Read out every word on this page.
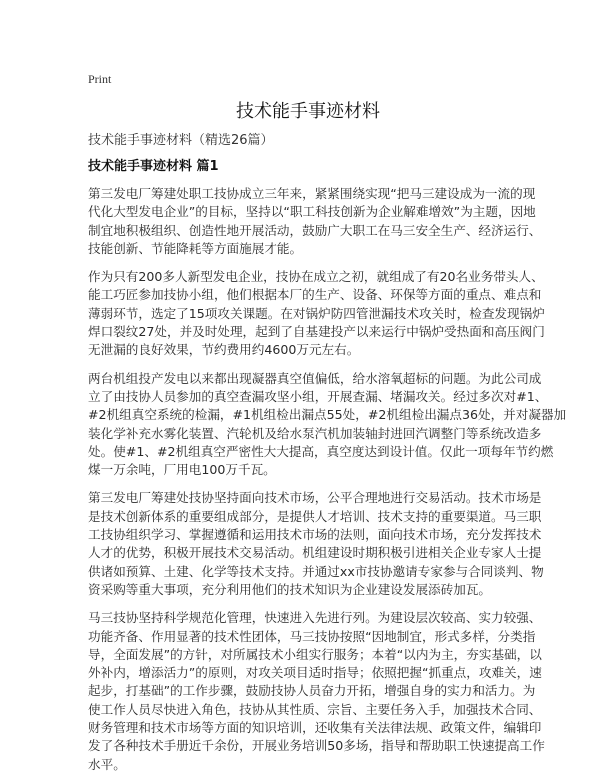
Print
技术能手事迹材料
技术能手事迹材料（精选26篇）
技术能手事迹材料 篇1
第三发电厂筹建处职工技协成立三年来，紧紧围绕实现“把马三建设成为一流的现
代化大型发电企业”的目标，坚持以“职工科技创新为企业解难增效”为主题，因地
制宜地积极组织、创造性地开展活动，鼓励广大职工在马三安全生产、经济运行、
技能创新、节能降耗等方面施展才能。
作为只有200多人新型发电企业，技协在成立之初，就组成了有20名业务带头人、
能工巧匠参加技协小组，他们根据本厂的生产、设备、环保等方面的重点、难点和
薄弱环节，选定了15项攻关课题。在对锅炉防四管泄漏技术攻关时，检查发现锅炉
焊口裂纹27处，并及时处理，起到了自基建投产以来运行中锅炉受热面和高压阀门
无泄漏的良好效果，节约费用约4600万元左右。
两台机组投产发电以来都出现凝器真空值偏低，给水溶氧超标的问题。为此公司成
立了由技协人员参加的真空查漏攻坚小组，开展查漏、堵漏攻关。经过多次对#1、
#2机组真空系统的检漏，#1机组检出漏点55处，#2机组检出漏点36处，并对凝器加
装化学补充水雾化装置、汽轮机及给水泵汽机加装轴封进回汽调整门等系统改造多
处。使#1、#2机组真空严密性大大提高，真空度达到设计值。仅此一项每年节约燃
煤一万余吨，厂用电100万千瓦。
第三发电厂筹建处技协坚持面向技术市场，公平合理地进行交易活动。技术市场是
是技术创新体系的重要组成部分，是提供人才培训、技术支持的重要渠道。马三职
工技协组织学习、掌握遵循和运用技术市场的法则，面向技术市场，充分发挥技术
人才的优势，积极开展技术交易活动。机组建设时期积极引进相关企业专家人士提
供诸如预算、土建、化学等技术支持。并通过xx市技协邀请专家参与合同谈判、物
资采购等重大事项，充分利用他们的技术知识为企业建设发展添砖加瓦。
马三技协坚持科学规范化管理，快速进入先进行列。为建设层次较高、实力较强、
功能齐备、作用显著的技术性团体，马三技协按照“因地制宜，形式多样，分类指
导，全面发展”的方针，对所属技术小组实行服务；本着“以内为主，夯实基础，以
外补内，增添活力”的原则，对攻关项目适时指导；依照把握“抓重点，攻难关，速
起步，打基础”的工作步骤，鼓励技协人员奋力开拓，增强自身的实力和活力。为
使工作人员尽快进入角色，技协从其性质、宗旨、主要任务入手，加强技术合同、
财务管理和技术市场等方面的知识培训，还收集有关法律法规、政策文件，编辑印
发了各种技术手册近千余份，开展业务培训50多场，指导和帮助职工快速提高工作
水平。
